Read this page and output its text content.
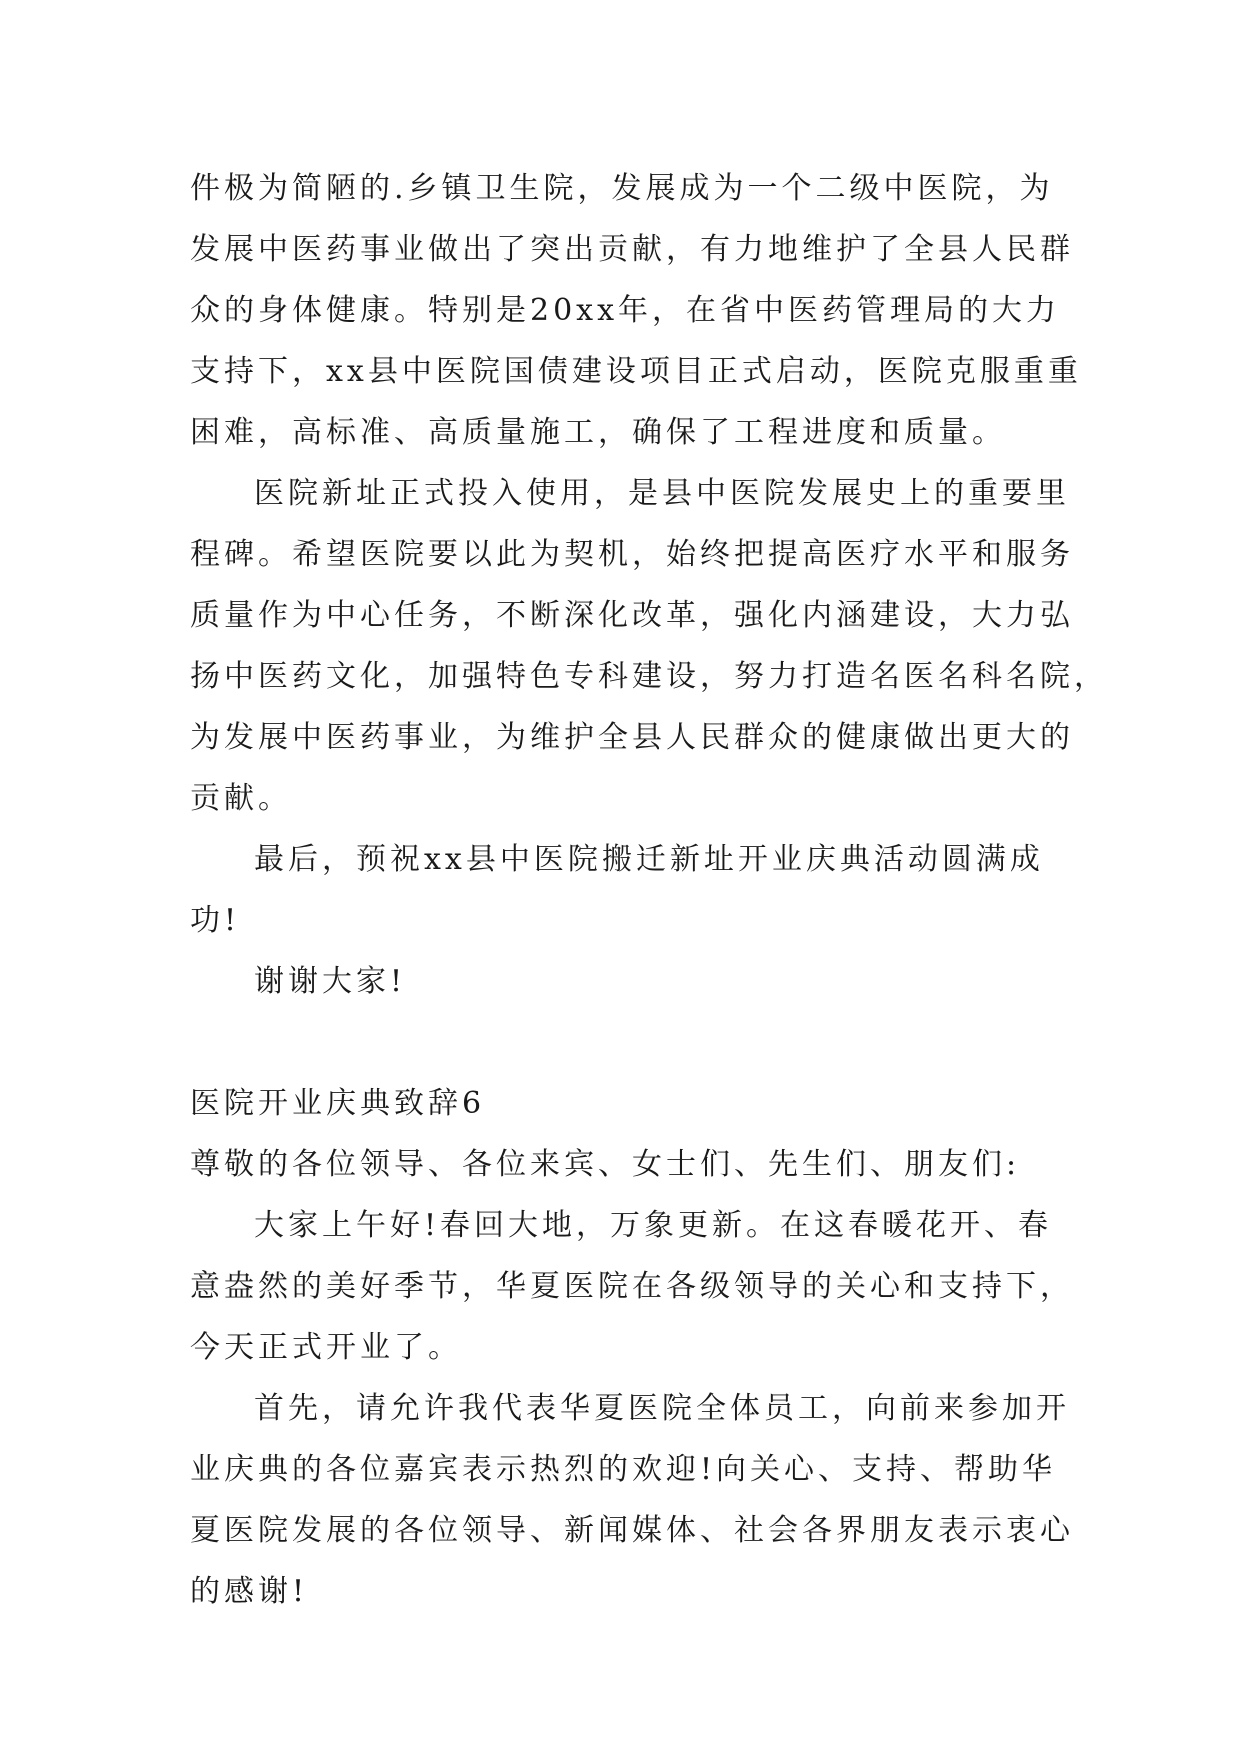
件极为简陋的.乡镇卫生院，发展成为一个二级中医院，为
发展中医药事业做出了突出贡献，有力地维护了全县人民群
众的身体健康。特别是20xx年，在省中医药管理局的大力
支持下，xx县中医院国债建设项目正式启动，医院克服重重
困难，高标准、高质量施工，确保了工程进度和质量。
医院新址正式投入使用，是县中医院发展史上的重要里
程碑。希望医院要以此为契机，始终把提高医疗水平和服务
质量作为中心任务，不断深化改革，强化内涵建设，大力弘
扬中医药文化，加强特色专科建设，努力打造名医名科名院，
为发展中医药事业，为维护全县人民群众的健康做出更大的
贡献。
最后，预祝xx县中医院搬迁新址开业庆典活动圆满成
功!
谢谢大家!
医院开业庆典致辞6
尊敬的各位领导、各位来宾、女士们、先生们、朋友们:
大家上午好!春回大地，万象更新。在这春暖花开、春
意盎然的美好季节，华夏医院在各级领导的关心和支持下，
今天正式开业了。
首先，请允许我代表华夏医院全体员工，向前来参加开
业庆典的各位嘉宾表示热烈的欢迎!向关心、支持、帮助华
夏医院发展的各位领导、新闻媒体、社会各界朋友表示衷心
的感谢!
